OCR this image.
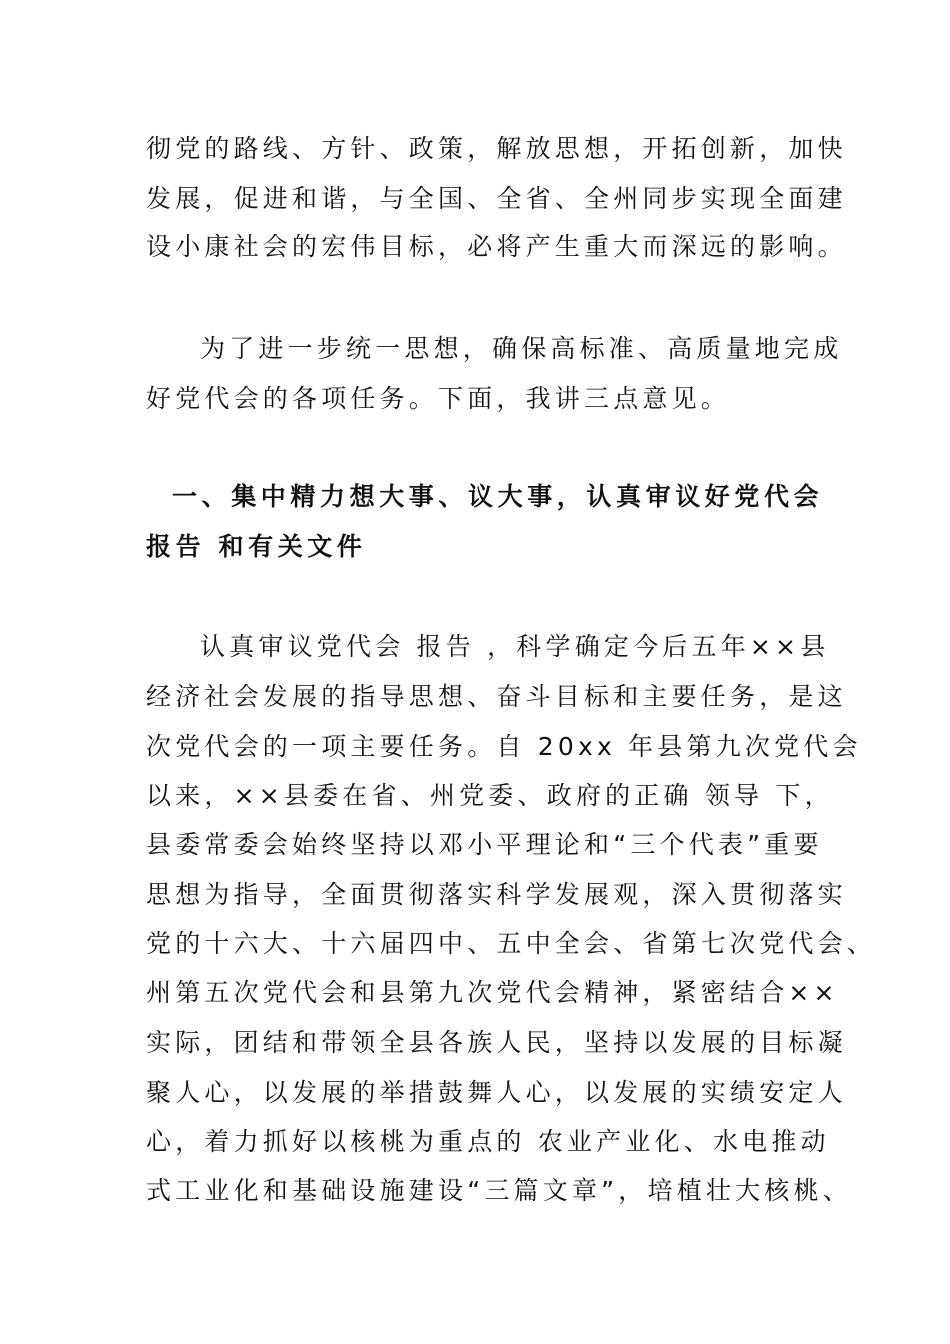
彻党的路线、方针、政策，解放思想，开拓创新，加快
发展，促进和谐，与全国、全省、全州同步实现全面建
设小康社会的宏伟目标，必将产生重大而深远的影响。
为了进一步统一思想，确保高标准、高质量地完成
好党代会的各项任务。下面，我讲三点意见。
一、集中精力想大事、议大事，认真审议好党代会
报告 和有关文件
认真审议党代会 报告 ，科学确定今后五年××县
经济社会发展的指导思想、奋斗目标和主要任务，是这
次党代会的一项主要任务。自 20xx 年县第九次党代会
以来，××县委在省、州党委、政府的正确 领导 下，
县委常委会始终坚持以邓小平理论和“三个代表”重要
思想为指导，全面贯彻落实科学发展观，深入贯彻落实
党的十六大、十六届四中、五中全会、省第七次党代会、
州第五次党代会和县第九次党代会精神，紧密结合××
实际，团结和带领全县各族人民，坚持以发展的目标凝
聚人心，以发展的举措鼓舞人心，以发展的实绩安定人
心，着力抓好以核桃为重点的 农业产业化、水电推动
式工业化和基础设施建设“三篇文章”，培植壮大核桃、
